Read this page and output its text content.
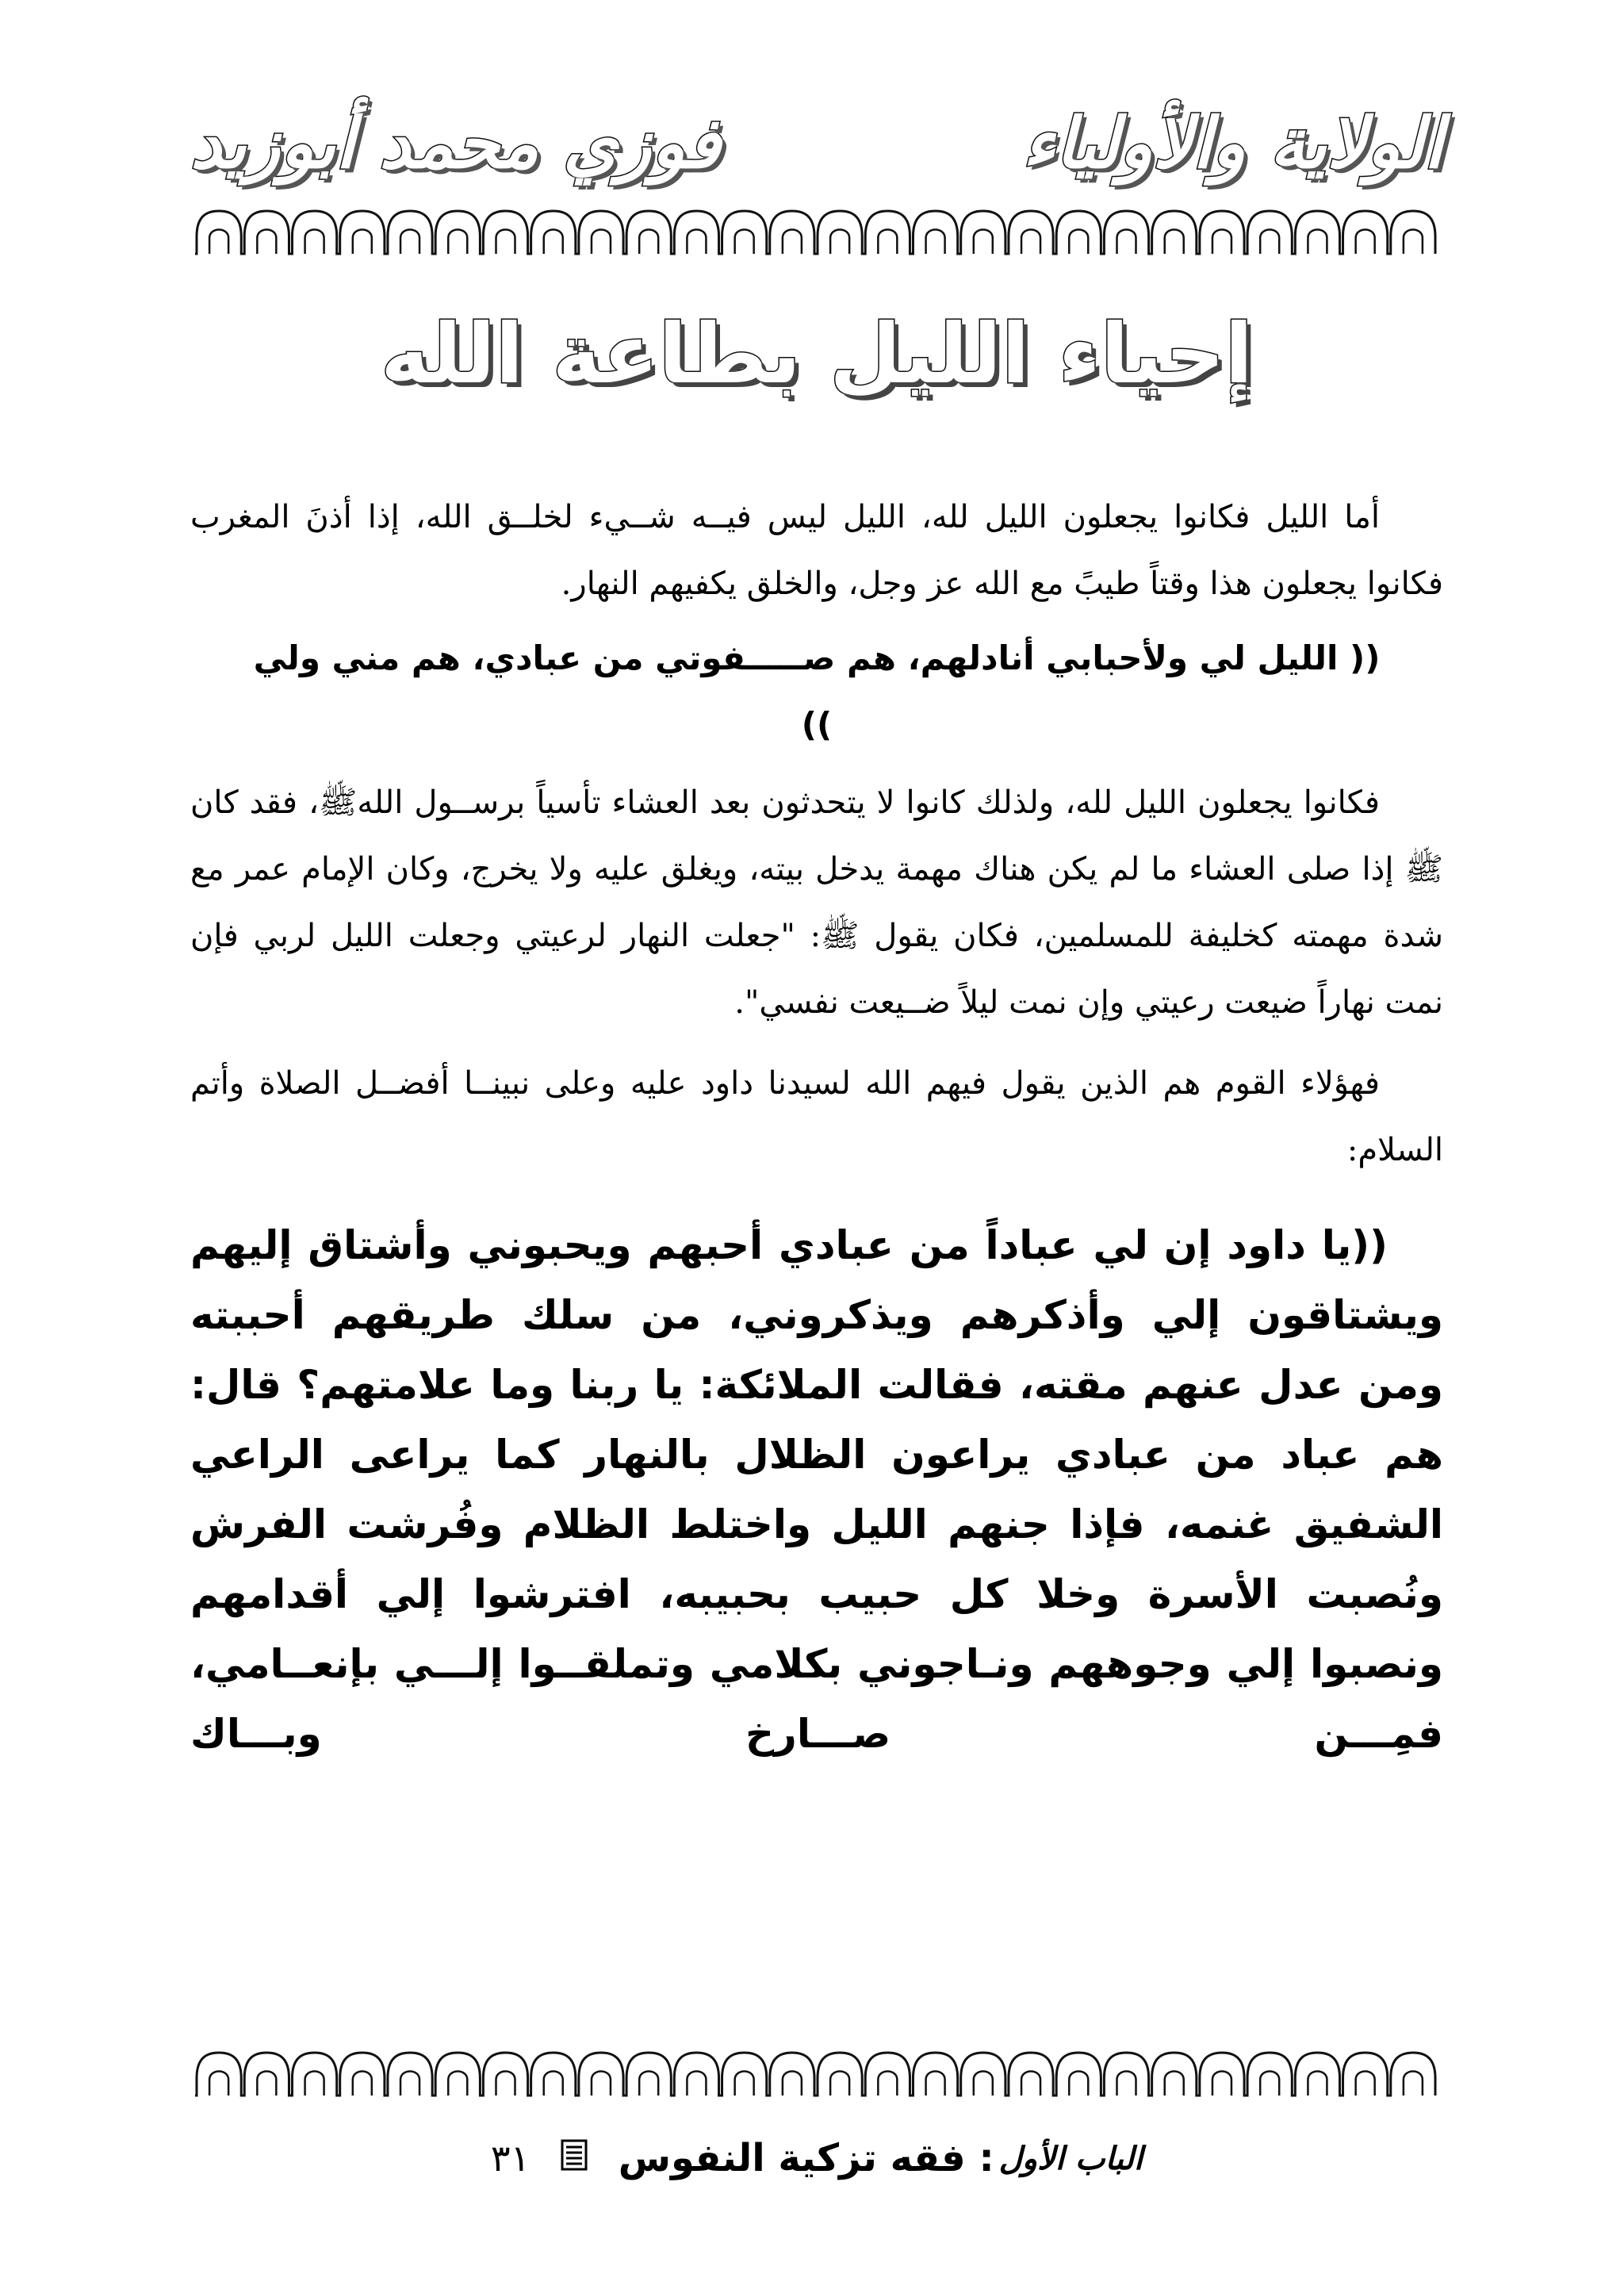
الولاية والأولياء
فوزي محمد أبوزيد
إحياء الليل بطاعة الله

أما الليل فكانوا يجعلون الليل لله، الليل ليس فيــه شــيء لخلــق الله، إذا أذنَ المغرب فكانوا يجعلون هذا وقتاً طيبً مع الله عز وجل، والخلق يكفيهم النهار.

(( الليل لي ولأحبابي أنادلهم، هم صـــــفوتي من عبادي، هم مني ولي ))

فكانوا يجعلون الليل لله، ولذلك كانوا لا يتحدثون بعد العشاء تأسياً برســول اللهﷺ، فقد كان ﷺ إذا صلى العشاء ما لم يكن هناك مهمة يدخل بيته، ويغلق عليه ولا يخرج، وكان الإمام عمر مع شدة مهمته كخليفة للمسلمين، فكان يقول ﷺ: "جعلت النهار لرعيتي وجعلت الليل لربي فإن نمت نهاراً ضيعت رعيتي وإن نمت ليلاً ضــيعت نفسي".

فهؤلاء القوم هم الذين يقول فيهم الله لسيدنا داود عليه وعلى نبينــا أفضــل الصلاة وأتم السلام:

((يا داود إن لي عباداً من عبادي أحبهم ويحبوني وأشتاق إليهم ويشتاقون إلي وأذكرهم ويذكروني، من سلك طريقهم أحببته ومن عدل عنهم مقته، فقالت الملائكة: يا ربنا وما علامتهم؟ قال: هم عباد من عبادي يراعون الظلال بالنهار كما يراعى الراعي الشفيق غنمه، فإذا جنهم الليل واختلط الظلام وفُرشت الفرش ونُصبت الأسرة وخلا كل حبيب بحبيبه، افترشوا إلي أقدامهم ونصبوا إلي وجوههم ونـاجوني بكلامي وتملقــوا إلـــي بإنعــامي، فمِـــن صـــارخ وبـــاك

الباب الأول: فقه تزكية النفوس  ٣١
